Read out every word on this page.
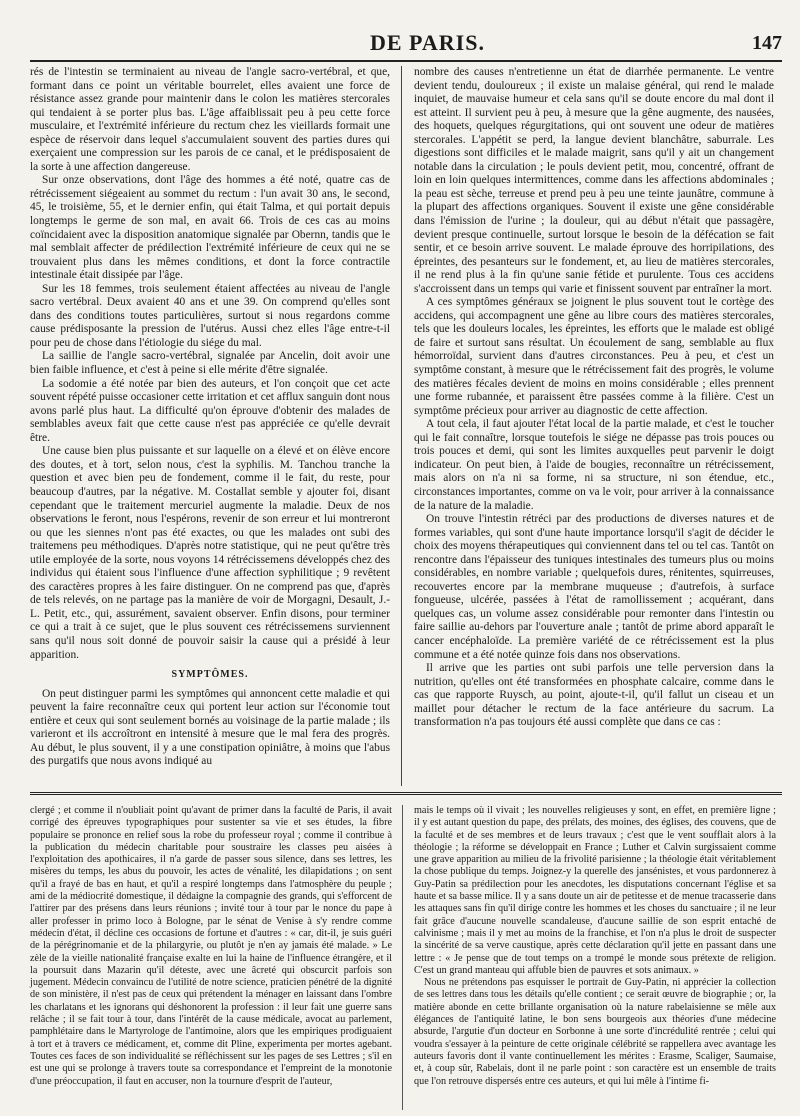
DE PARIS.	147

rés de l'intestin se terminaient au niveau de l'angle sacro-vertébral, et que, formant dans ce point un véritable bourrelet, elles avaient une force de résistance assez grande pour maintenir dans le colon les matières stercorales qui tendaient à se porter plus bas. L'âge affaiblissait peu à peu cette force musculaire, et l'extrémité inférieure du rectum chez les vieillards formait une espèce de réservoir dans lequel s'accumulaient souvent des parties dures qui exerçaient une compression sur les parois de ce canal, et le prédisposaient de la sorte à une affection dangereuse.

Sur onze observations, dont l'âge des hommes a été noté, quatre cas de rétrécissement siégeaient au sommet du rectum : l'un avait 30 ans, le second, 45, le troisième, 55, et le dernier enfin, qui était Talma, et qui portait depuis longtemps le germe de son mal, en avait 66. Trois de ces cas au moins coïncidaient avec la disposition anatomique signalée par Obernn, tandis que le mal semblait affecter de prédilection l'extrémité inférieure de ceux qui ne se trouvaient plus dans les mêmes conditions, et dont la force contractile intestinale était dissipée par l'âge.

Sur les 18 femmes, trois seulement étaient affectées au niveau de l'angle sacro vertébral. Deux avaient 40 ans et une 39. On comprend qu'elles sont dans des conditions toutes particulières, surtout si nous regardons comme cause prédisposante la pression de l'utérus. Aussi chez elles l'âge entre-t-il pour peu de chose dans l'étiologie du siége du mal.

La saillie de l'angle sacro-vertébral, signalée par Ancelin, doit avoir une bien faible influence, et c'est à peine si elle mérite d'être signalée.

La sodomie a été notée par bien des auteurs, et l'on conçoit que cet acte souvent répété puisse occasioner cette irritation et cet afflux sanguin dont nous avons parlé plus haut. La difficulté qu'on éprouve d'obtenir des malades de semblables aveux fait que cette cause n'est pas appréciée ce qu'elle devrait être.

Une cause bien plus puissante et sur laquelle on a élevé et on élève encore des doutes, et à tort, selon nous, c'est la syphilis. M. Tanchou tranche la question et avec bien peu de fondement, comme il le fait, du reste, pour beaucoup d'autres, par la négative. M. Costallat semble y ajouter foi, disant cependant que le traitement mercuriel augmente la maladie. Deux de nos observations le feront, nous l'espérons, revenir de son erreur et lui montreront ou que les siennes n'ont pas été exactes, ou que les malades ont subi des traitemens peu méthodiques. D'après notre statistique, qui ne peut qu'être très utile employée de la sorte, nous voyons 14 rétrécissemens développés chez des individus qui étaient sous l'influence d'une affection syphilitique ; 9 revêtent des caractères propres à les faire distinguer. On ne comprend pas que, d'après de tels relevés, on ne partage pas la manière de voir de Morgagni, Desault, J.-L. Petit, etc., qui, assurément, savaient observer. Enfin disons, pour terminer ce qui a trait à ce sujet, que le plus souvent ces rétrécissemens surviennent sans qu'il nous soit donné de pouvoir saisir la cause qui a présidé à leur apparition.

SYMPTÔMES.

On peut distinguer parmi les symptômes qui annoncent cette maladie et qui peuvent la faire reconnaître ceux qui portent leur action sur l'économie tout entière et ceux qui sont seulement bornés au voisinage de la partie malade ; ils varieront et ils accroîtront en intensité à mesure que le mal fera des progrès. Au début, le plus souvent, il y a une constipation opiniâtre, à moins que l'abus des purgatifs que nous avons indiqué au

nombre des causes n'entretienne un état de diarrhée permanente. Le ventre devient tendu, douloureux ; il existe un malaise général, qui rend le malade inquiet, de mauvaise humeur et cela sans qu'il se doute encore du mal dont il est atteint. Il survient peu à peu, à mesure que la gêne augmente, des nausées, des hoquets, quelques régurgitations, qui ont souvent une odeur de matières stercorales. L'appétit se perd, la langue devient blanchâtre, saburrale. Les digestions sont difficiles et le malade maigrit, sans qu'il y ait un changement notable dans la circulation ; le pouls devient petit, mou, concentré, offrant de loin en loin quelques intermittences, comme dans les affections abdominales ; la peau est sèche, terreuse et prend peu à peu une teinte jaunâtre, commune à la plupart des affections organiques. Souvent il existe une gêne considérable dans l'émission de l'urine ; la douleur, qui au début n'était que passagère, devient presque continuelle, surtout lorsque le besoin de la défécation se fait sentir, et ce besoin arrive souvent. Le malade éprouve des horripilations, des épreintes, des pesanteurs sur le fondement, et, au lieu de matières stercorales, il ne rend plus à la fin qu'une sanie fétide et purulente. Tous ces accidens s'accroissent dans un temps qui varie et finissent souvent par entraîner la mort.

A ces symptômes généraux se joignent le plus souvent tout le cortège des accidens, qui accompagnent une gêne au libre cours des matières stercorales, tels que les douleurs locales, les épreintes, les efforts que le malade est obligé de faire et surtout sans résultat. Un écoulement de sang, semblable au flux hémorroïdal, survient dans d'autres circonstances. Peu à peu, et c'est un symptôme constant, à mesure que le rétrécissement fait des progrès, le volume des matières fécales devient de moins en moins considérable ; elles prennent une forme rubannée, et paraissent être passées comme à la filière. C'est un symptôme précieux pour arriver au diagnostic de cette affection.

A tout cela, il faut ajouter l'état local de la partie malade, et c'est le toucher qui le fait connaître, lorsque toutefois le siége ne dépasse pas trois pouces ou trois pouces et demi, qui sont les limites auxquelles peut parvenir le doigt indicateur. On peut bien, à l'aide de bougies, reconnaître un rétrécissement, mais alors on n'a ni sa forme, ni sa structure, ni son étendue, etc., circonstances importantes, comme on va le voir, pour arriver à la connaissance de la nature de la maladie.

On trouve l'intestin rétréci par des productions de diverses natures et de formes variables, qui sont d'une haute importance lorsqu'il s'agit de décider le choix des moyens thérapeutiques qui conviennent dans tel ou tel cas. Tantôt on rencontre dans l'épaisseur des tuniques intestinales des tumeurs plus ou moins considérables, en nombre variable ; quelquefois dures, rénitentes, squirreuses, recouvertes encore par la membrane muqueuse ; d'autrefois, à surface fongueuse, ulcérée, passées à l'état de ramollissement ; acquérant, dans quelques cas, un volume assez considérable pour remonter dans l'intestin ou faire saillie au-dehors par l'ouverture anale ; tantôt de prime abord apparaît le cancer encéphaloïde. La première variété de ce rétrécissement est la plus commune et a été notée quinze fois dans nos observations.

Il arrive que les parties ont subi parfois une telle perversion dans la nutrition, qu'elles ont été transformées en phosphate calcaire, comme dans le cas que rapporte Ruysch, au point, ajoute-t-il, qu'il fallut un ciseau et un maillet pour détacher le rectum de la face antérieure du sacrum. La transformation n'a pas toujours été aussi complète que dans ce cas :

clergé ; et comme il n'oubliait point qu'avant de primer dans la faculté de Paris, il avait corrigé des épreuves typographiques pour sustenter sa vie et ses études, la fibre populaire se prononce en relief sous la robe du professeur royal ; comme il contribue à la publication du médecin charitable pour soustraire les classes peu aisées à l'exploitation des apothicaires, il n'a garde de passer sous silence, dans ses lettres, les misères du temps, les abus du pouvoir, les actes de vénalité, les dilapidations ; on sent qu'il a frayé de bas en haut, et qu'il a respiré longtemps dans l'atmosphère du peuple ; ami de la médiocrité domestique, il dédaigne la compagnie des grands, qui s'efforcent de l'attirer par des présens dans leurs réunions ; invité tour à tour par le nonce du pape à aller professer in primo loco à Bologne, par le sénat de Venise à s'y rendre comme médecin d'état, il décline ces occasions de fortune et d'autres : « car, dit-il, je suis guéri de la pérégrinomanie et de la philargyrie, ou plutôt je n'en ay jamais été malade. » Le zèle de la vieille nationalité française exalte en lui la haine de l'influence étrangère, et il la poursuit dans Mazarin qu'il déteste, avec une âcreté qui obscurcit parfois son jugement. Médecin convaincu de l'utilité de notre science, praticien pénétré de la dignité de son ministère, il n'est pas de ceux qui prétendent la ménager en laissant dans l'ombre les charlatans et les ignorans qui déshonorent la profession : il leur fait une guerre sans relâche ; il se fait tour à tour, dans l'intérêt de la cause médicale, avocat au parlement, pamphlétaire dans le Martyrologe de l'antimoine, alors que les empiriques prodiguaient à tort et à travers ce médicament, et, comme dit Pline, experimenta per mortes agebant. Toutes ces faces de son individualité se réfléchissent sur les pages de ses Lettres ; s'il en est une qui se prolonge à travers toute sa correspondance et l'empreint de la monotonie d'une préoccupation, il faut en accuser, non la tournure d'esprit de l'auteur,

mais le temps où il vivait ; les nouvelles religieuses y sont, en effet, en première ligne ; il y est autant question du pape, des prélats, des moines, des églises, des couvens, que de la faculté et de ses membres et de leurs travaux ; c'est que le vent soufflait alors à la théologie ; la réforme se développait en France ; Luther et Calvin surgissaient comme une grave apparition au milieu de la frivolité parisienne ; la théologie était véritablement la chose publique du temps. Joignez-y la querelle des jansénistes, et vous pardonnerez à Guy-Patin sa prédilection pour les anecdotes, les disputations concernant l'église et sa haute et sa basse milice. Il y a sans doute un air de petitesse et de menue tracasserie dans les attaques sans fin qu'il dirige contre les hommes et les choses du sanctuaire ; il ne leur fait grâce d'aucune nouvelle scandaleuse, d'aucune saillie de son esprit entaché de calvinisme ; mais il y met au moins de la franchise, et l'on n'a plus le droit de suspecter la sincérité de sa verve caustique, après cette déclaration qu'il jette en passant dans une lettre : « Je pense que de tout temps on a trompé le monde sous prétexte de religion. C'est un grand manteau qui affuble bien de pauvres et sots animaux. »

Nous ne prétendons pas esquisser le portrait de Guy-Patin, ni apprécier la collection de ses lettres dans tous les détails qu'elle contient ; ce serait œuvre de biographie ; or, la matière abonde en cette brillante organisation où la nature rabelaisienne se mêle aux élégances de l'antiquité latine, le bon sens bourgeois aux théories d'une médecine absurde, l'argutie d'un docteur en Sorbonne à une sorte d'incrédulité rentrée ; celui qui voudra s'essayer à la peinture de cette originale célébrité se rappellera avec avantage les auteurs favoris dont il vante continuellement les mérites : Erasme, Scaliger, Saumaise, et, à coup sûr, Rabelais, dont il ne parle point : son caractère est un ensemble de traits que l'on retrouve dispersés entre ces auteurs, et qui lui mêle à l'intime fi-
